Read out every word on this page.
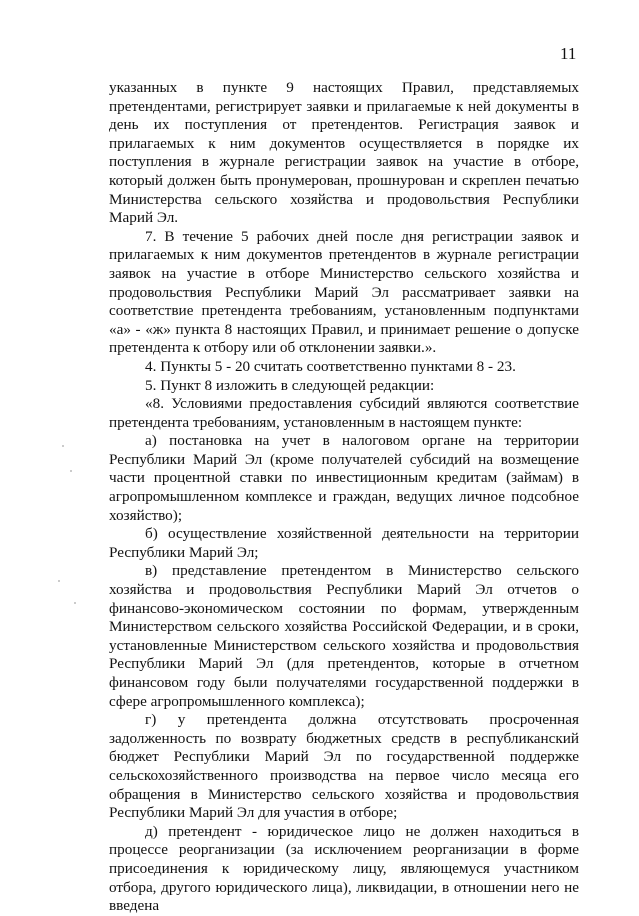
11

указанных в пункте 9 настоящих Правил, представляемых претендентами, регистрирует заявки и прилагаемые к ней документы в день их поступления от претендентов. Регистрация заявок и прилагаемых к ним документов осуществляется в порядке их поступления в журнале регистрации заявок на участие в отборе, который должен быть пронумерован, прошнурован и скреплен печатью Министерства сельского хозяйства и продовольствия Республики Марий Эл.

7. В течение 5 рабочих дней после дня регистрации заявок и прилагаемых к ним документов претендентов в журнале регистрации заявок на участие в отборе Министерство сельского хозяйства и продовольствия Республики Марий Эл рассматривает заявки на соответствие претендента требованиям, установленным подпунктами «а» - «ж» пункта 8 настоящих Правил, и принимает решение о допуске претендента к отбору или об отклонении заявки.».

4. Пункты 5 - 20 считать соответственно пунктами 8 - 23.

5. Пункт 8 изложить в следующей редакции:

«8. Условиями предоставления субсидий являются соответствие претендента требованиям, установленным в настоящем пункте:

а) постановка на учет в налоговом органе на территории Республики Марий Эл (кроме получателей субсидий на возмещение части процентной ставки по инвестиционным кредитам (займам) в агропромышленном комплексе и граждан, ведущих личное подсобное хозяйство);

б) осуществление хозяйственной деятельности на территории Республики Марий Эл;

в) представление претендентом в Министерство сельского хозяйства и продовольствия Республики Марий Эл отчетов о финансово-экономическом состоянии по формам, утвержденным Министерством сельского хозяйства Российской Федерации, и в сроки, установленные Министерством сельского хозяйства и продовольствия Республики Марий Эл (для претендентов, которые в отчетном финансовом году были получателями государственной поддержки в сфере агропромышленного комплекса);

г) у претендента должна отсутствовать просроченная задолженность по возврату бюджетных средств в республиканский бюджет Республики Марий Эл по государственной поддержке сельскохозяйственного производства на первое число месяца его обращения в Министерство сельского хозяйства и продовольствия Республики Марий Эл для участия в отборе;

д) претендент - юридическое лицо не должен находиться в процессе реорганизации (за исключением реорганизации в форме присоединения к юридическому лицу, являющемуся участником отбора, другого юридического лица), ликвидации, в отношении него не введена
